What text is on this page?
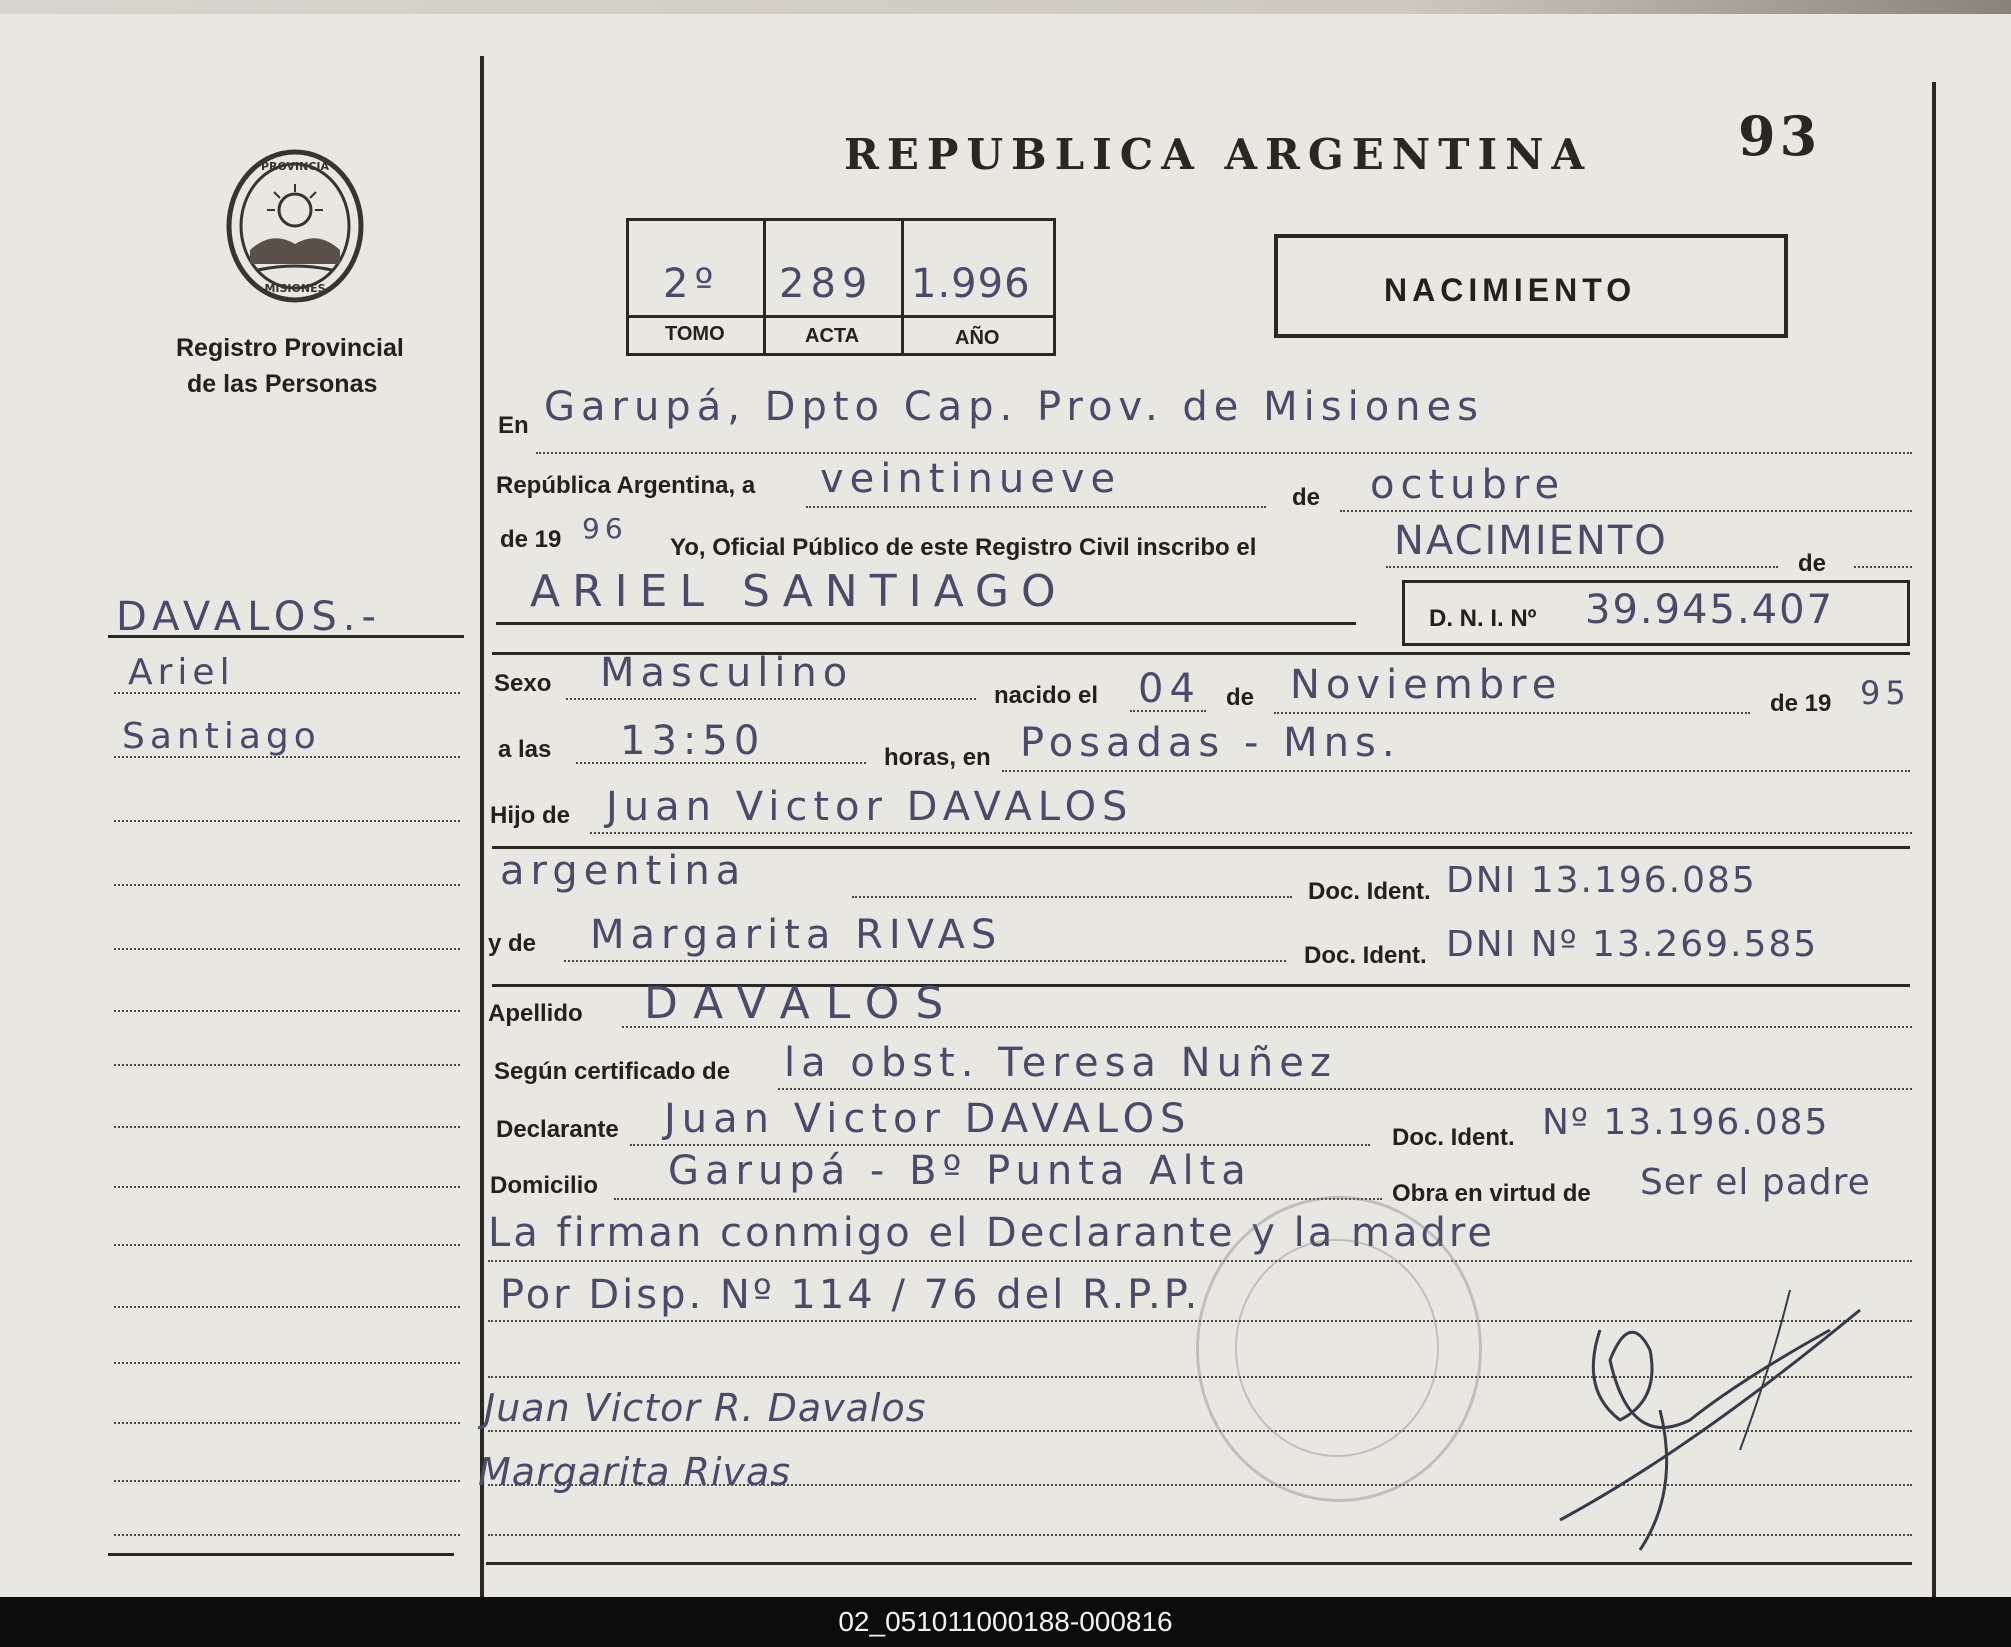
PROVINCIA
MISIONES
Registro Provincial
de las Personas
93
REPUBLICA ARGENTINA
2º 289 1.996
TOMO	ACTA	AÑO
NACIMIENTO
DAVALOS.-
Ariel
Santiago
En Garupá, Dpto Cap. Prov. de Misiones
República Argentina, a veintinueve	de octubre
de 19 96
Yo, Oficial Público de este Registro Civil inscribo el	NACIMIENTO	de
ARIEL SANTIAGO
D. N. I. Nº 39.945.407
Sexo Masculino	nacido el 04 de Noviembre	de 19 95
a las 13:50	horas, en Posadas - Mns.
Hijo de Juan Victor DAVALOS
argentina	Doc. Ident. DNI 13.196.085
y de Margarita RIVAS	Doc. Ident. DNI Nº 13.269.585
Apellido DAVALOS
Según certificado de la obst. Teresa Nuñez
Declarante Juan Victor DAVALOS	Doc. Ident. Nº 13.196.085
Domicilio Garupá - Bº Punta Alta	Obra en virtud de Ser el padre
La firman conmigo el Declarante y la madre
Por Disp. Nº 114 / 76 del R.P.P.
Juan Victor R. Davalos
Margarita Rivas
02_051011000188-000816
